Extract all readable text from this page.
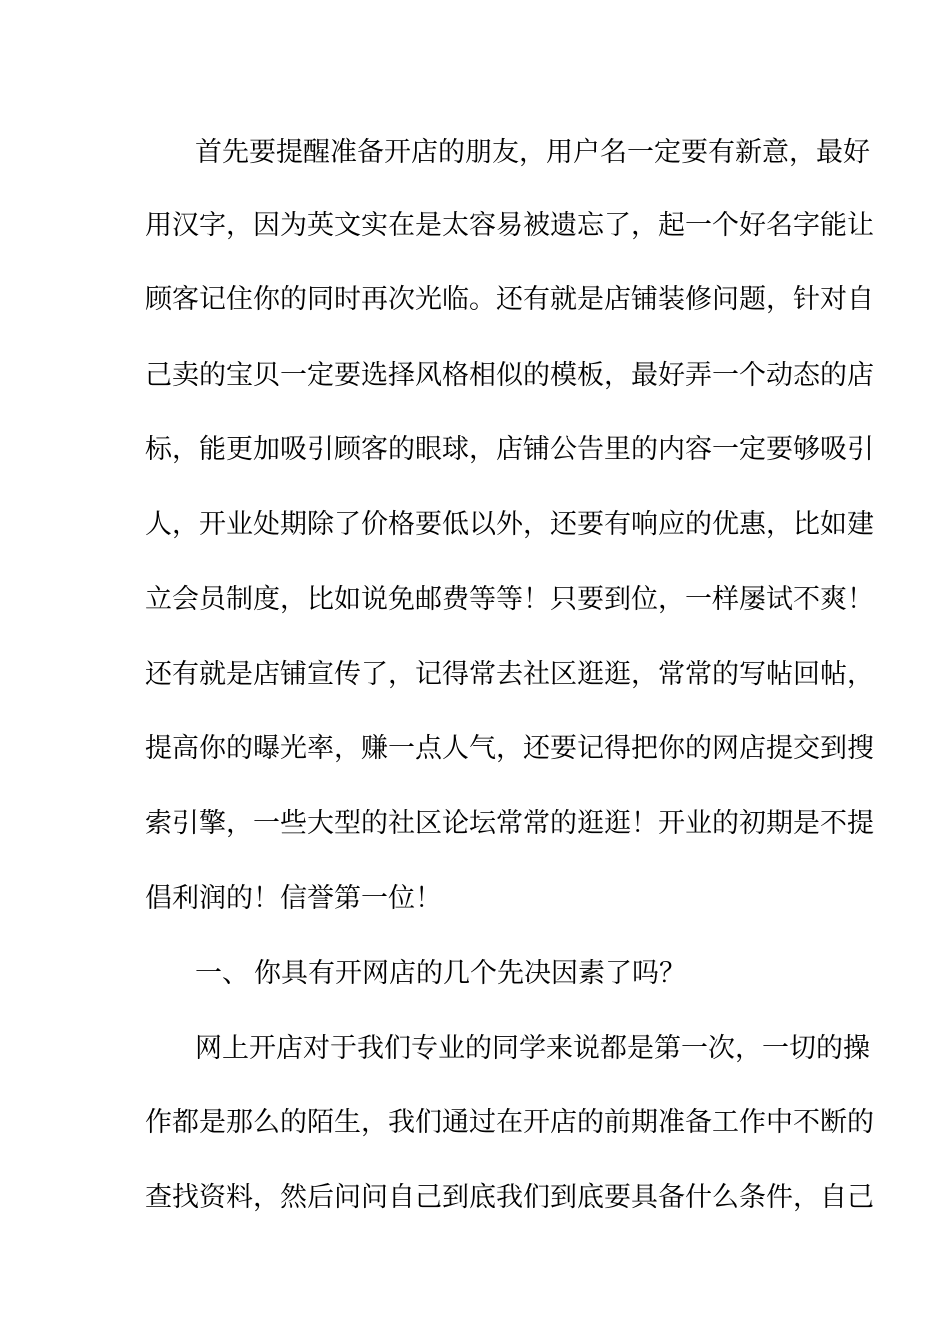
首先要提醒准备开店的朋友，用户名一定要有新意，最好
用汉字，因为英文实在是太容易被遗忘了，起一个好名字能让
顾客记住你的同时再次光临。还有就是店铺装修问题，针对自
己卖的宝贝一定要选择风格相似的模板，最好弄一个动态的店
标，能更加吸引顾客的眼球，店铺公告里的内容一定要够吸引
人，开业处期除了价格要低以外，还要有响应的优惠，比如建
立会员制度，比如说免邮费等等！只要到位，一样屡试不爽！
还有就是店铺宣传了，记得常去社区逛逛，常常的写帖回帖，
提高你的曝光率，赚一点人气，还要记得把你的网店提交到搜
索引擎，一些大型的社区论坛常常的逛逛！开业的初期是不提
倡利润的！信誉第一位！
一、 你具有开网店的几个先决因素了吗？
网上开店对于我们专业的同学来说都是第一次，一切的操
作都是那么的陌生，我们通过在开店的前期准备工作中不断的
查找资料，然后问问自己到底我们到底要具备什么条件，自己
